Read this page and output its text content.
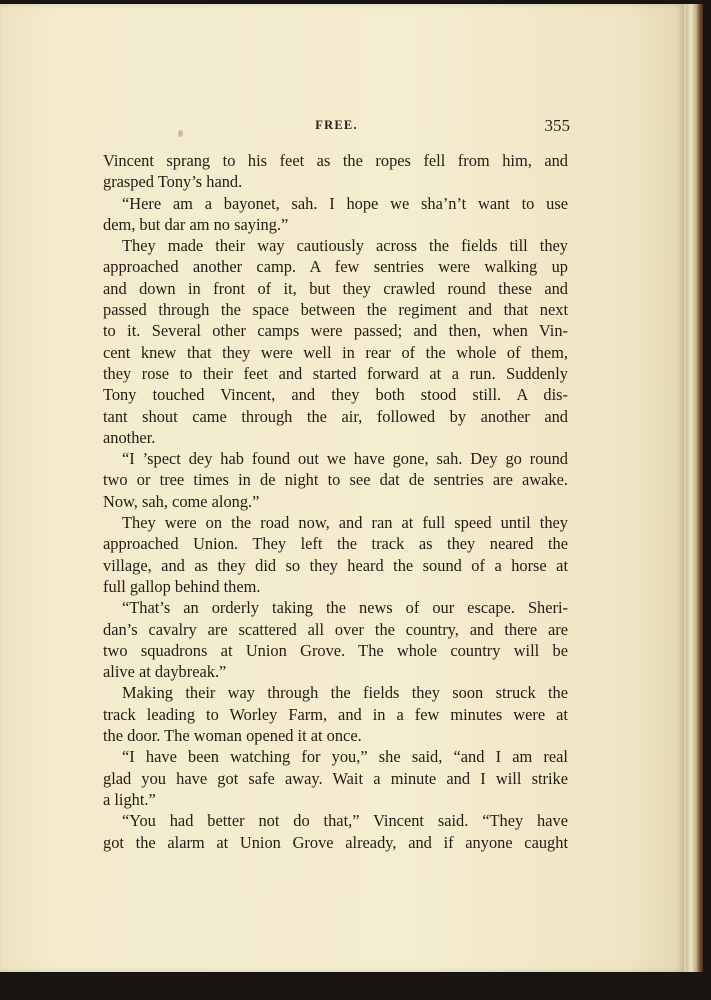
FREE.	355
Vincent sprang to his feet as the ropes fell from him, and
grasped Tony’s hand.
“Here am a bayonet, sah. I hope we sha’n’t want to use
dem, but dar am no saying.”
They made their way cautiously across the fields till they
approached another camp. A few sentries were walking up
and down in front of it, but they crawled round these and
passed through the space between the regiment and that next
to it. Several other camps were passed; and then, when Vin-
cent knew that they were well in rear of the whole of them,
they rose to their feet and started forward at a run. Suddenly
Tony touched Vincent, and they both stood still. A dis-
tant shout came through the air, followed by another and
another.
“I ’spect dey hab found out we have gone, sah. Dey go round
two or tree times in de night to see dat de sentries are awake.
Now, sah, come along.”
They were on the road now, and ran at full speed until they
approached Union. They left the track as they neared the
village, and as they did so they heard the sound of a horse at
full gallop behind them.
“That’s an orderly taking the news of our escape. Sheri-
dan’s cavalry are scattered all over the country, and there are
two squadrons at Union Grove. The whole country will be
alive at daybreak.”
Making their way through the fields they soon struck the
track leading to Worley Farm, and in a few minutes were at
the door. The woman opened it at once.
“I have been watching for you,” she said, “and I am real
glad you have got safe away. Wait a minute and I will strike
a light.”
“You had better not do that,” Vincent said. “They have
got the alarm at Union Grove already, and if anyone caught
